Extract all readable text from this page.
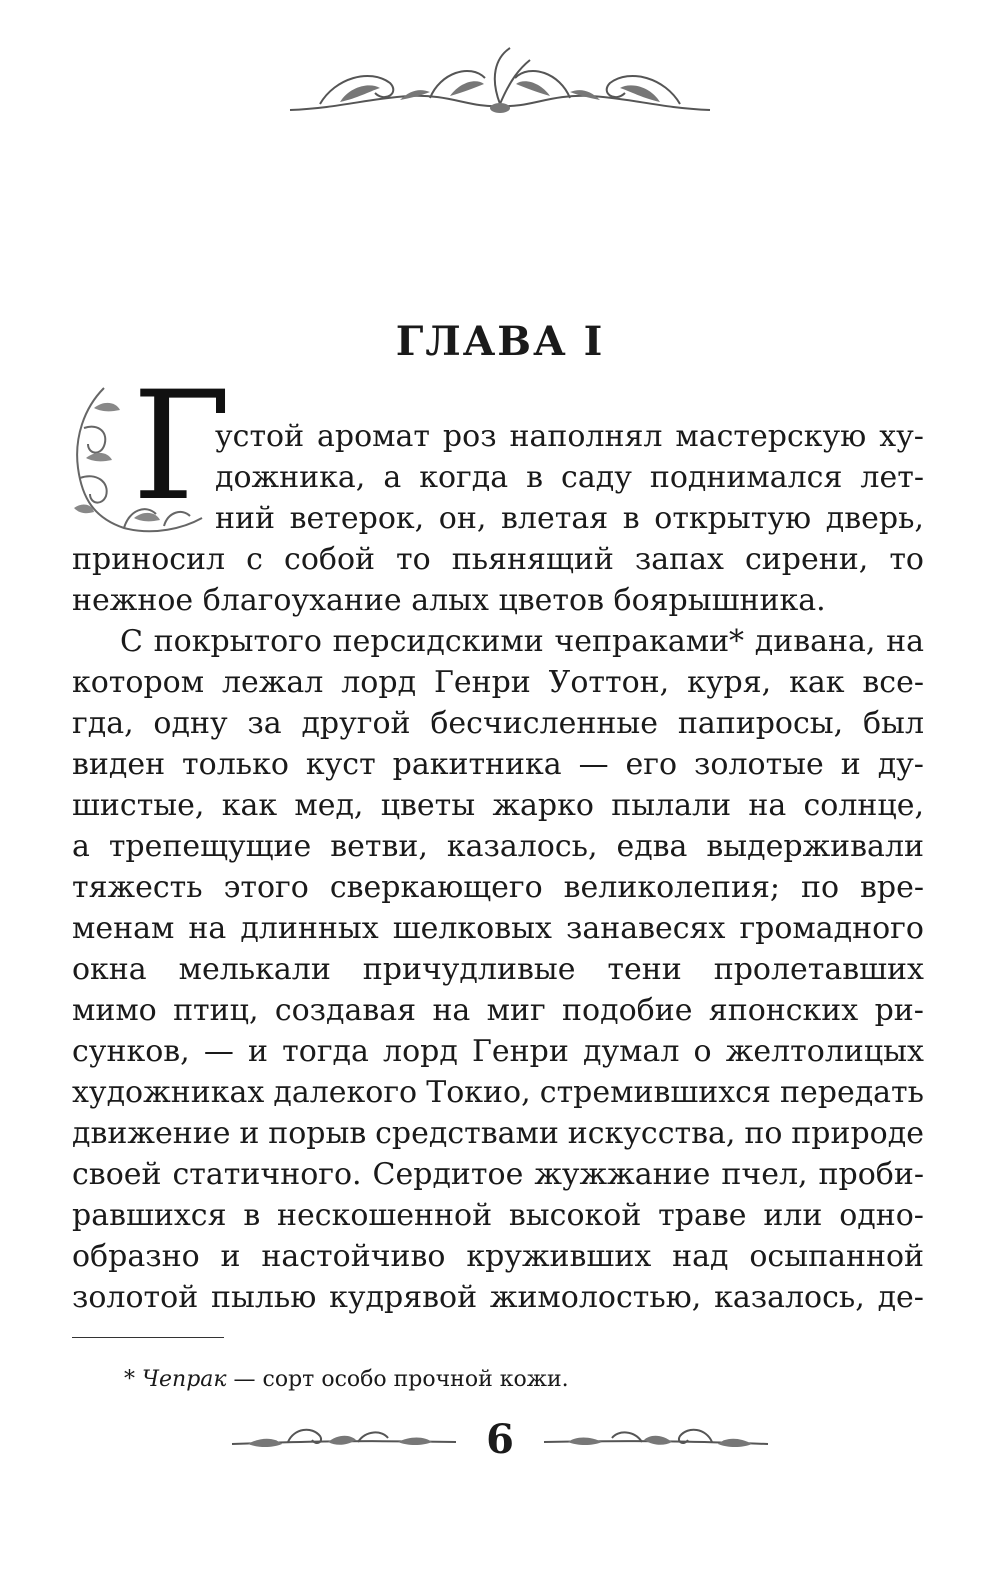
ГЛАВА I
Г
устой аромат роз наполнял мастерскую ху-
дожника, а когда в саду поднимался лет-
ний ветерок, он, влетая в открытую дверь,
приносил с собой то пьянящий запах сирени, то
нежное благоухание алых цветов боярышника.
С покрытого персидскими чепраками* дивана, на
котором лежал лорд Генри Уоттон, куря, как все-
гда, одну за другой бесчисленные папиросы, был
виден только куст ракитника — его золотые и ду-
шистые, как мед, цветы жарко пылали на солнце,
а трепещущие ветви, казалось, едва выдерживали
тяжесть этого сверкающего великолепия; по вре-
менам на длинных шелковых занавесях громадного
окна мелькали причудливые тени пролетавших
мимо птиц, создавая на миг подобие японских ри-
сунков, — и тогда лорд Генри думал о желтолицых
художниках далекого Токио, стремившихся передать
движение и порыв средствами искусства, по природе
своей статичного. Сердитое жужжание пчел, проби-
равшихся в нескошенной высокой траве или одно-
образно и настойчиво круживших над осыпанной
золотой пылью кудрявой жимолостью, казалось, де-
* Чепрак — сорт особо прочной кожи.
6
